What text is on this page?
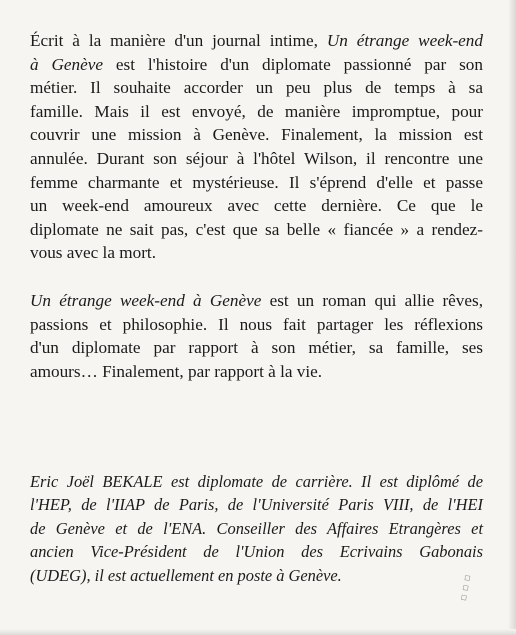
Écrit à la manière d'un journal intime, Un étrange week-end
à Genève est l'histoire d'un diplomate passionné par son
métier. Il souhaite accorder un peu plus de temps à sa
famille. Mais il est envoyé, de manière impromptue, pour
couvrir une mission à Genève. Finalement, la mission est
annulée. Durant son séjour à l'hôtel Wilson, il rencontre une
femme charmante et mystérieuse. Il s'éprend d'elle et passe
un week-end amoureux avec cette dernière. Ce que le
diplomate ne sait pas, c'est que sa belle « fiancée » a rendez-
vous avec la mort.
Un étrange week-end à Genève est un roman qui allie rêves,
passions et philosophie. Il nous fait partager les réflexions
d'un diplomate par rapport à son métier, sa famille, ses
amours… Finalement, par rapport à la vie.
Eric Joël BEKALE est diplomate de carrière. Il est diplômé de
l'HEP, de l'IIAP de Paris, de l'Université Paris VIII, de l'HEI
de Genève et de l'ENA. Conseiller des Affaires Etrangères et
ancien Vice-Président de l'Union des Ecrivains Gabonais
(UDEG), il est actuellement en poste à Genève.	▫ ▫ ▫
